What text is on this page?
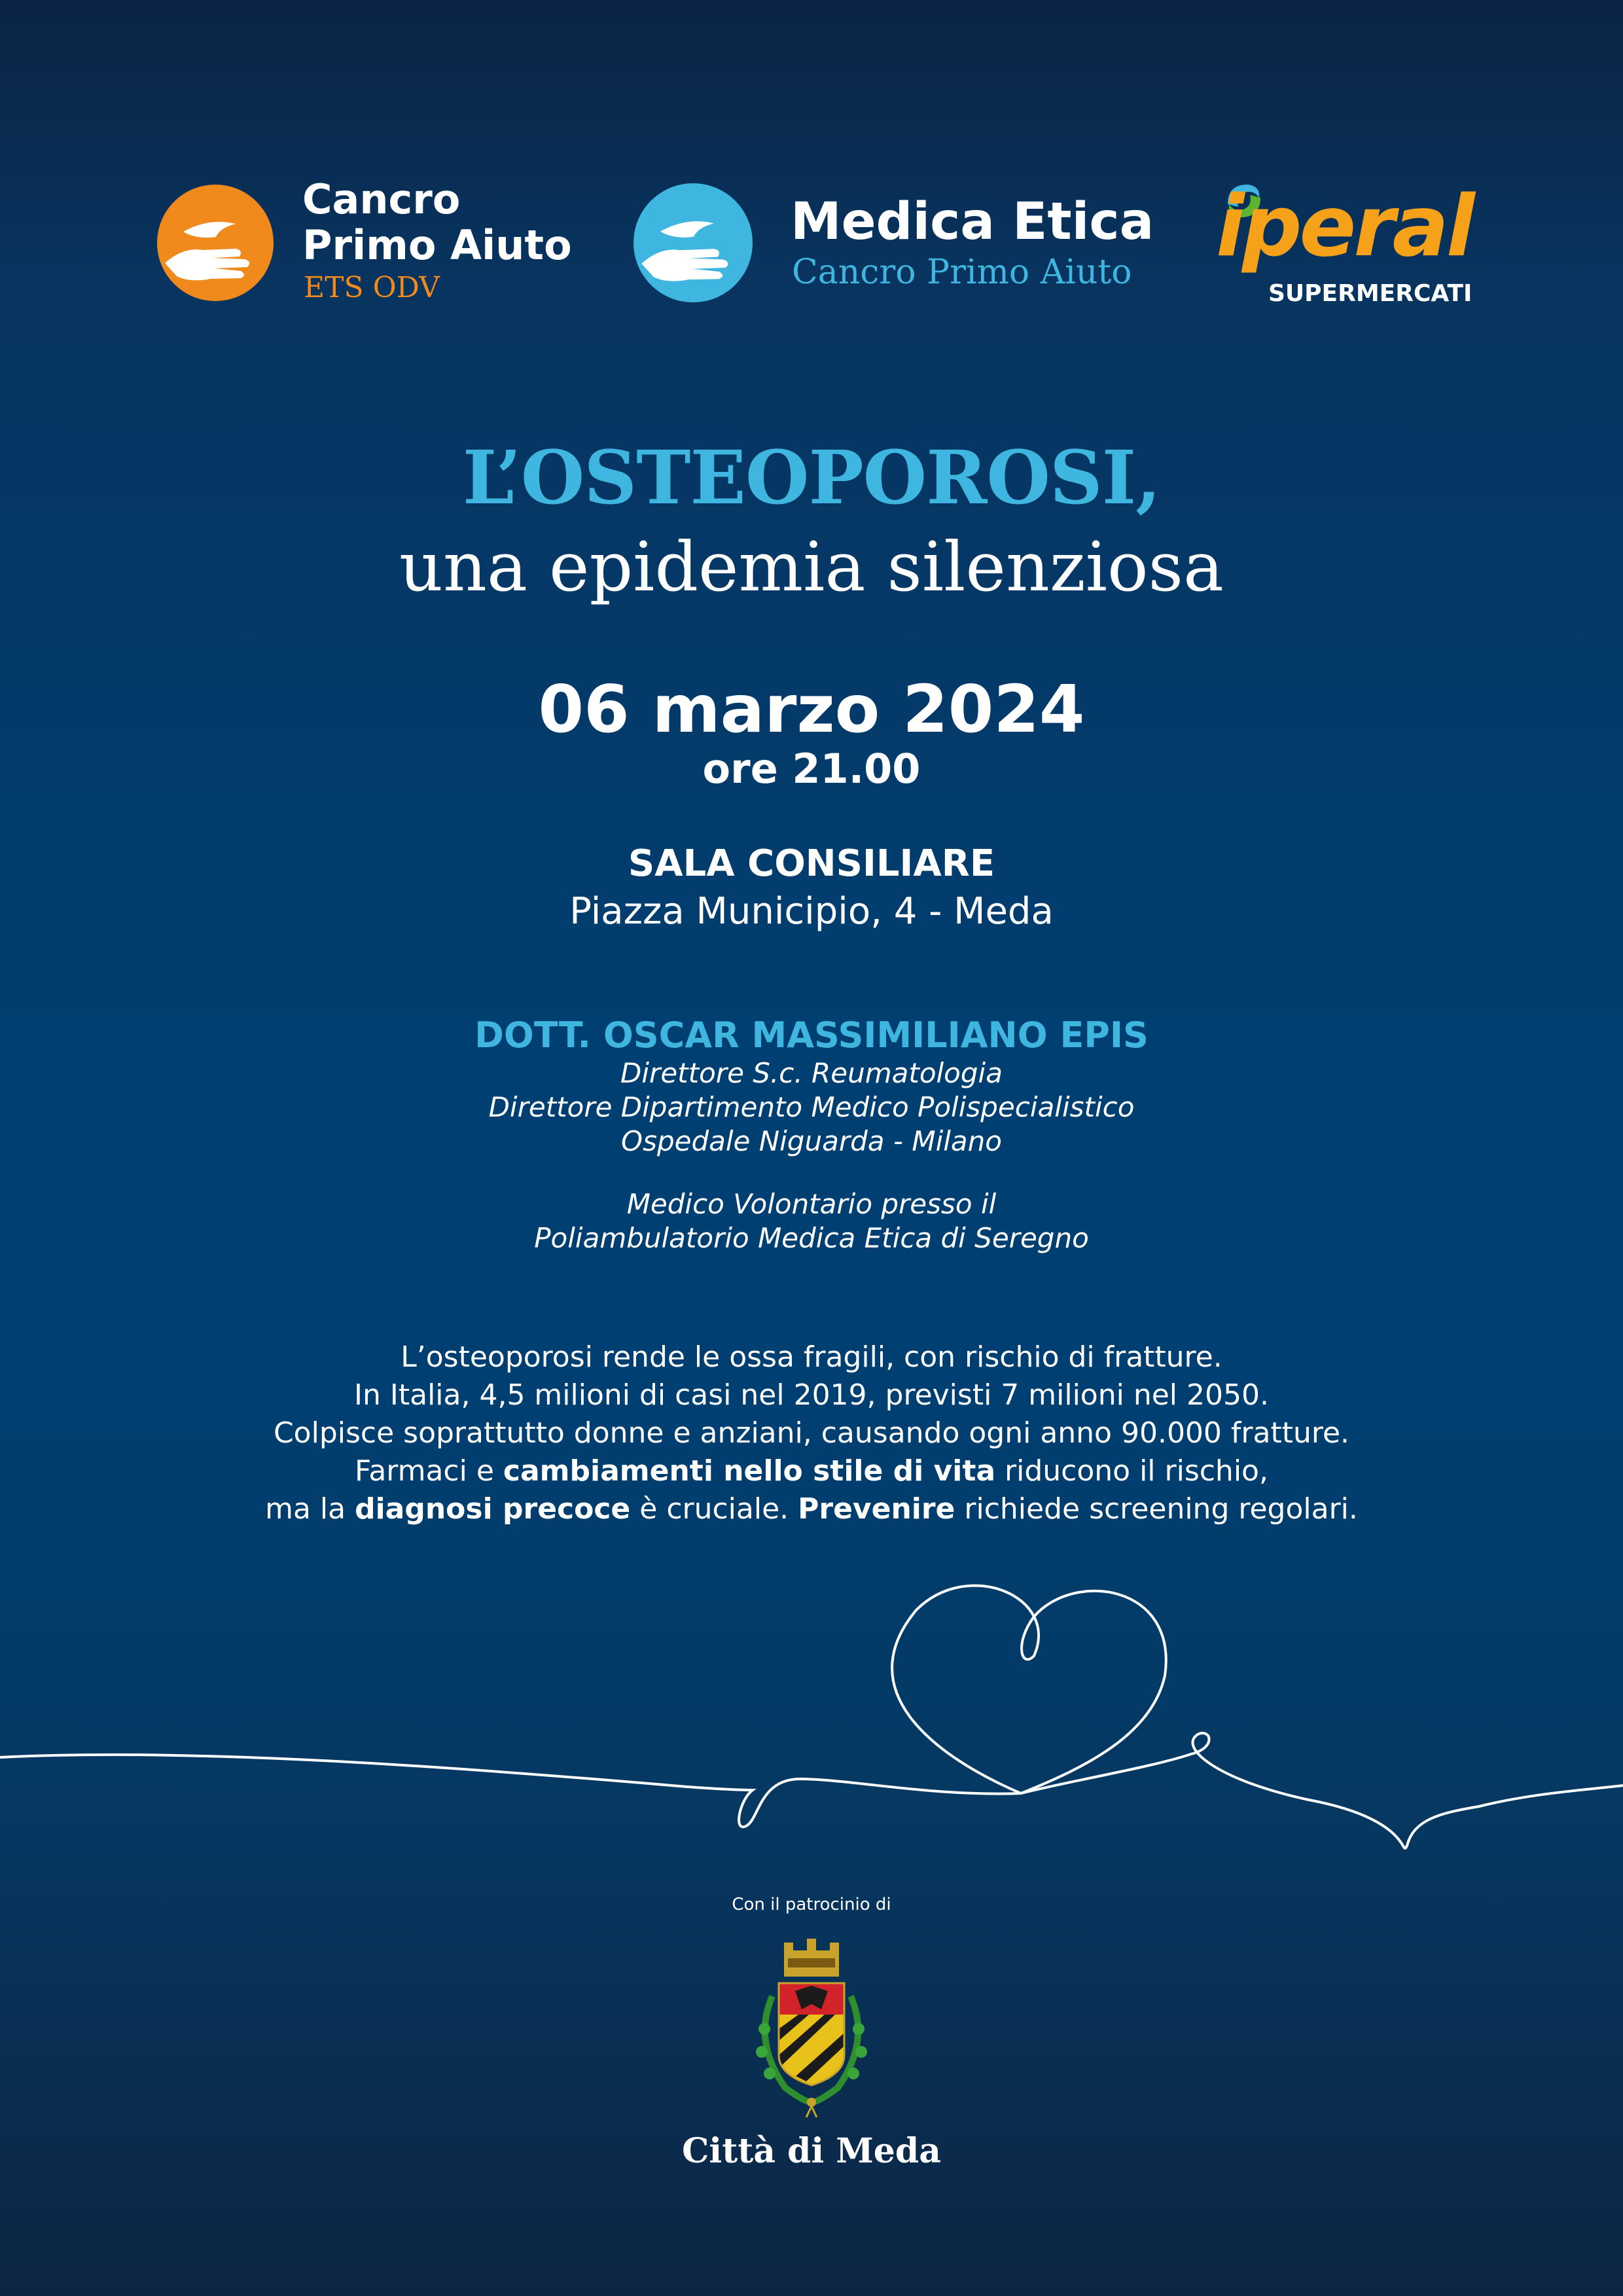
Cancro
Primo Aiuto
ETS ODV
Medica Etica
Cancro Primo Aiuto iperal
SUPERMERCATI
L’OSTEOPOROSI,
una epidemia silenziosa
06 marzo 2024
ore 21.00
SALA CONSILIARE
Piazza Municipio, 4 - Meda
DOTT. OSCAR MASSIMILIANO EPIS
Direttore S.c. Reumatologia
Direttore Dipartimento Medico Polispecialistico
Ospedale Niguarda - Milano
Medico Volontario presso il
Poliambulatorio Medica Etica di Seregno
L’osteoporosi rende le ossa fragili, con rischio di fratture.
In Italia, 4,5 milioni di casi nel 2019, previsti 7 milioni nel 2050.
Colpisce soprattutto donne e anziani, causando ogni anno 90.000 fratture.
Farmaci e cambiamenti nello stile di vita riducono il rischio,
ma la diagnosi precoce è cruciale. Prevenire richiede screening regolari.
Con il patrocinio di
Città di Meda
